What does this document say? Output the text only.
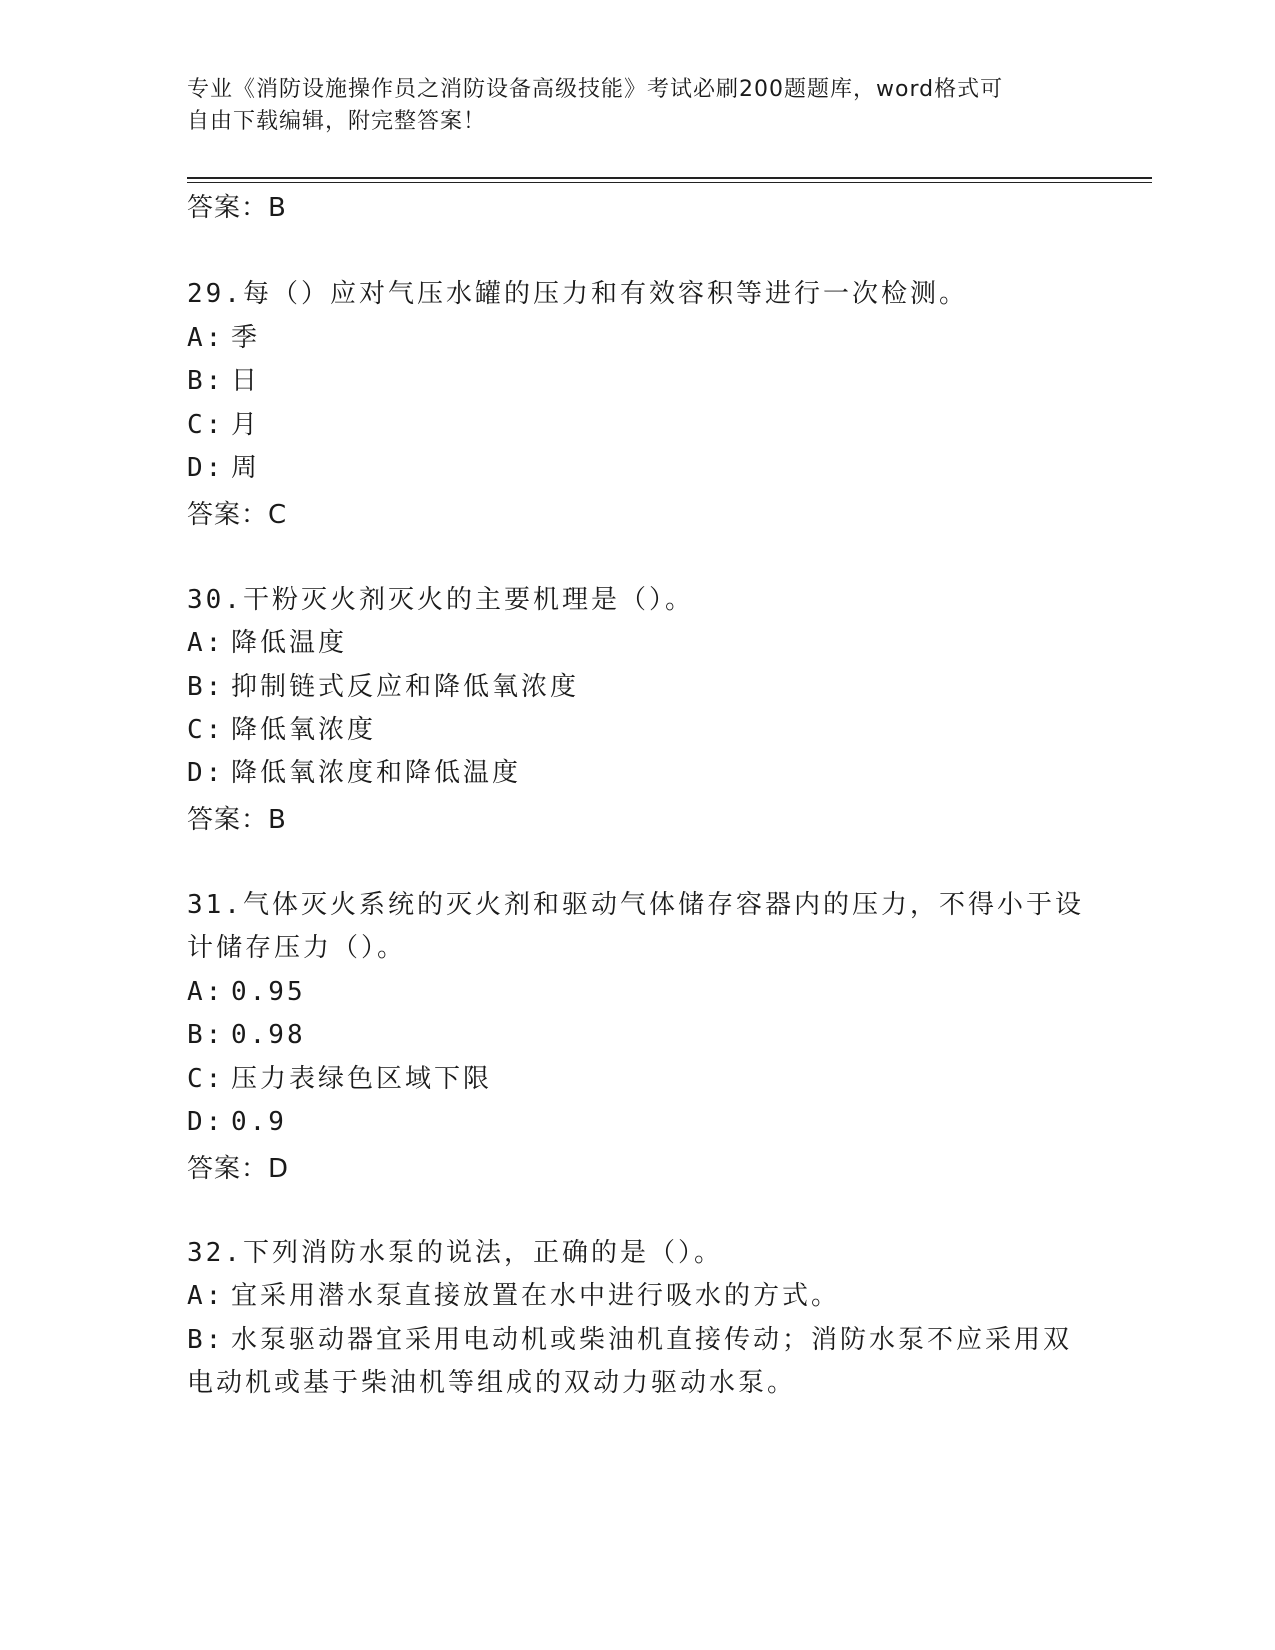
专业《消防设施操作员之消防设备高级技能》考试必刷200题题库，word格式可
自由下载编辑，附完整答案！
答案：B
29.每（）应对气压水罐的压力和有效容积等进行一次检测。
A: 季
B: 日
C: 月
D: 周
答案：C
30.干粉灭火剂灭火的主要机理是（）。
A: 降低温度
B: 抑制链式反应和降低氧浓度
C: 降低氧浓度
D: 降低氧浓度和降低温度
答案：B
31.气体灭火系统的灭火剂和驱动气体储存容器内的压力，不得小于设
计储存压力（）。
A: 0.95
B: 0.98
C: 压力表绿色区域下限
D: 0.9
答案：D
32.下列消防水泵的说法，正确的是（）。
A: 宜采用潜水泵直接放置在水中进行吸水的方式。
B: 水泵驱动器宜采用电动机或柴油机直接传动；消防水泵不应采用双
电动机或基于柴油机等组成的双动力驱动水泵。
